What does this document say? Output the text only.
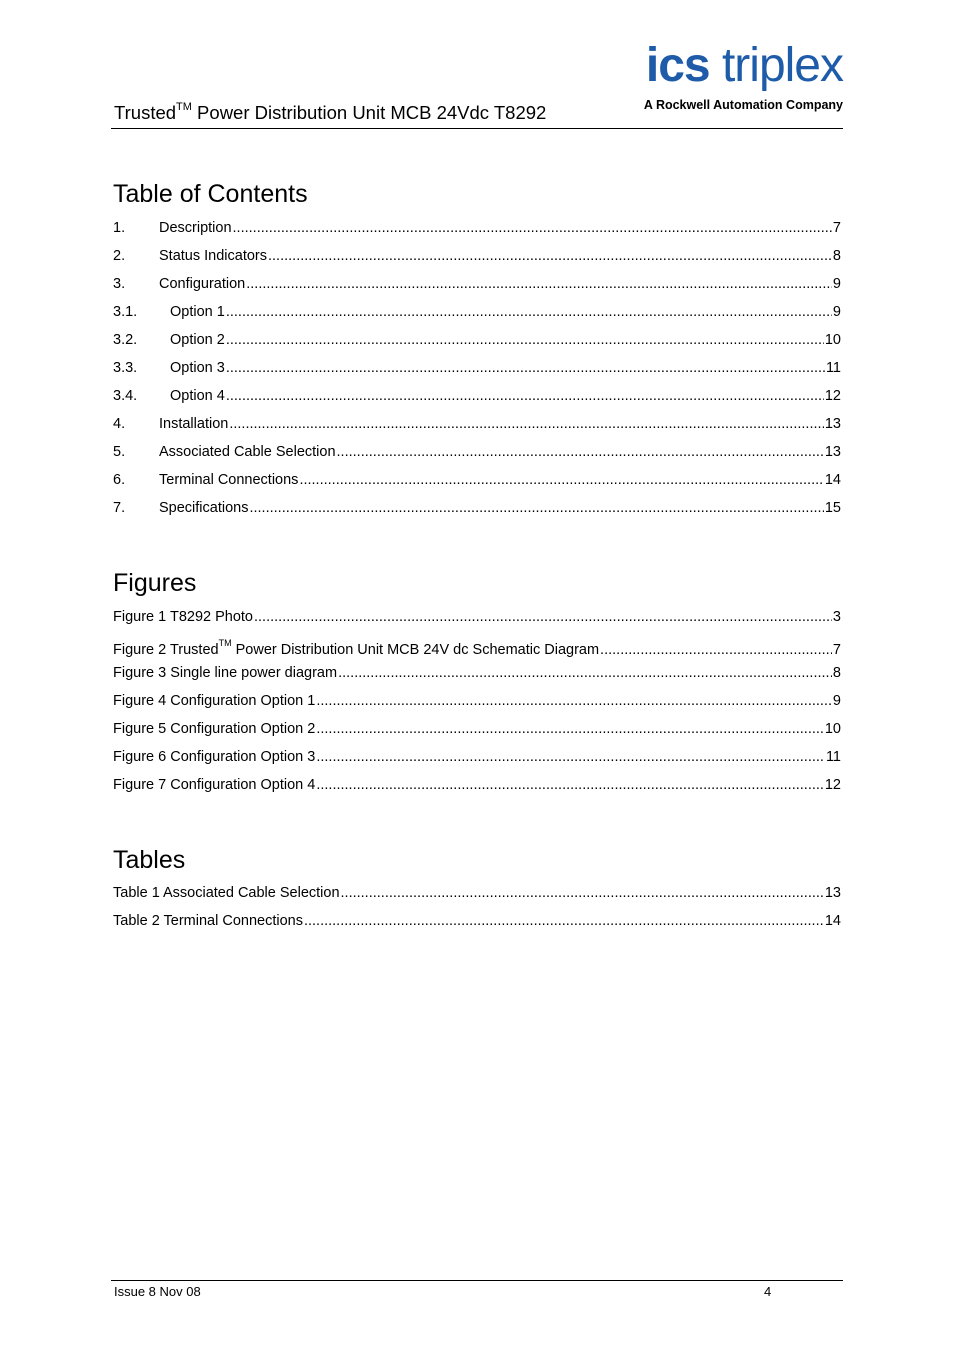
Trusted™ Power Distribution Unit MCB 24Vdc T8292
ics triplex
A Rockwell Automation Company
Table of Contents
1.	Description .....	7
2.	Status Indicators .....	8
3.	Configuration .....	9
3.1.	Option 1 .....	9
3.2.	Option 2 .....	10
3.3.	Option 3 .....	11
3.4.	Option 4 .....	12
4.	Installation .....	13
5.	Associated Cable Selection .....	13
6.	Terminal Connections .....	14
7.	Specifications .....	15
Figures
Figure 1 T8292 Photo .....	3
Figure 2 Trusted™ Power Distribution Unit MCB 24V dc Schematic Diagram .....	7
Figure 3 Single line power diagram .....	8
Figure 4 Configuration Option 1 .....	9
Figure 5 Configuration Option 2 .....	10
Figure 6 Configuration Option 3 .....	11
Figure 7 Configuration Option 4 .....	12
Tables
Table 1 Associated Cable Selection .....	13
Table 2 Terminal Connections .....	14
Issue 8 Nov 08	4
